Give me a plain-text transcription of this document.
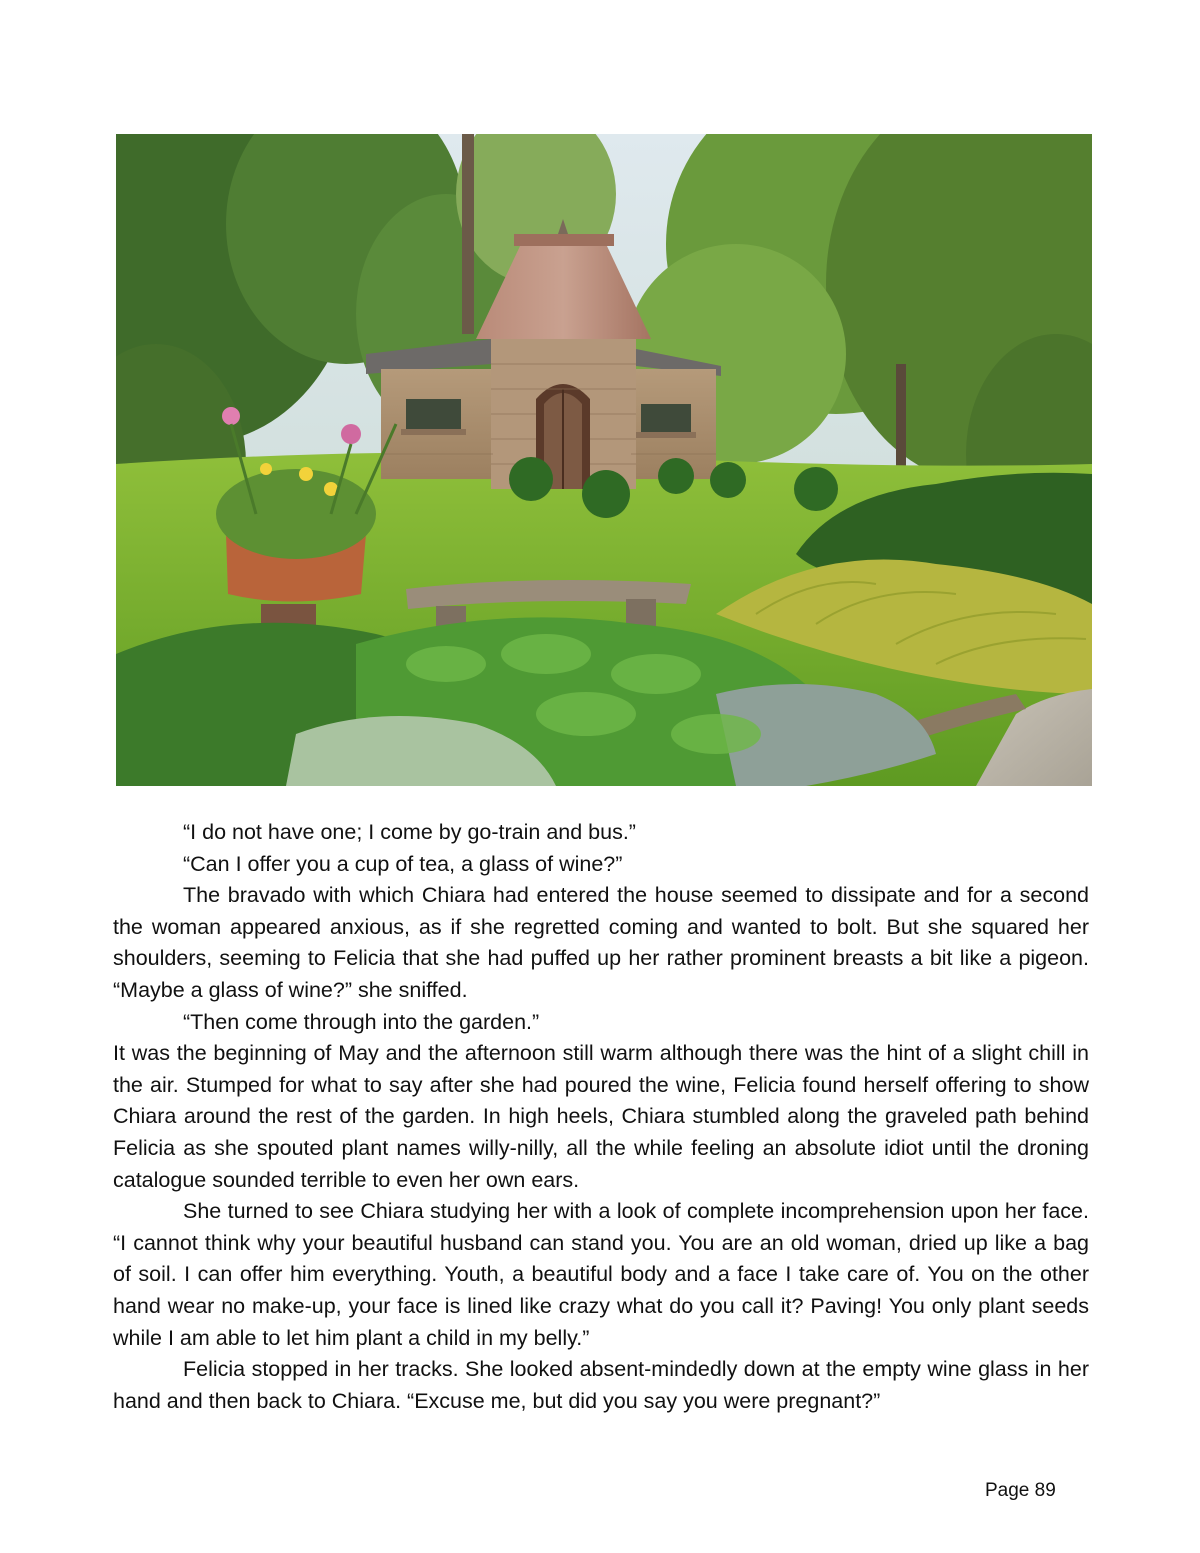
“I do not have one; I come by go-train and bus.”

“Can I offer you a cup of tea, a glass of wine?”

The bravado with which Chiara had entered the house seemed to dissipate and for a second the woman appeared anxious, as if she regretted coming and wanted to bolt. But she squared her shoulders, seeming to Felicia that she had puffed up her rather prominent breasts a bit like a pigeon. “Maybe a glass of wine?” she sniffed.

“Then come through into the garden.”

It was the beginning of May and the afternoon still warm although there was the hint of a slight chill in the air. Stumped for what to say after she had poured the wine, Felicia found herself offering to show Chiara around the rest of the garden. In high heels, Chiara stumbled along the graveled path behind Felicia as she spouted plant names willy-nilly, all the while feeling an absolute idiot until the droning catalogue sounded terrible to even her own ears.

She turned to see Chiara studying her with a look of complete incomprehension upon her face. “I cannot think why your beautiful husband can stand you. You are an old woman, dried up like a bag of soil. I can offer him everything. Youth, a beautiful body and a face I take care of. You on the other hand wear no make-up, your face is lined like crazy what do you call it? Paving! You only plant seeds while I am able to let him plant a child in my belly.”

Felicia stopped in her tracks. She looked absent-mindedly down at the empty wine glass in her hand and then back to Chiara. “Excuse me, but did you say you were pregnant?”

Page 89
